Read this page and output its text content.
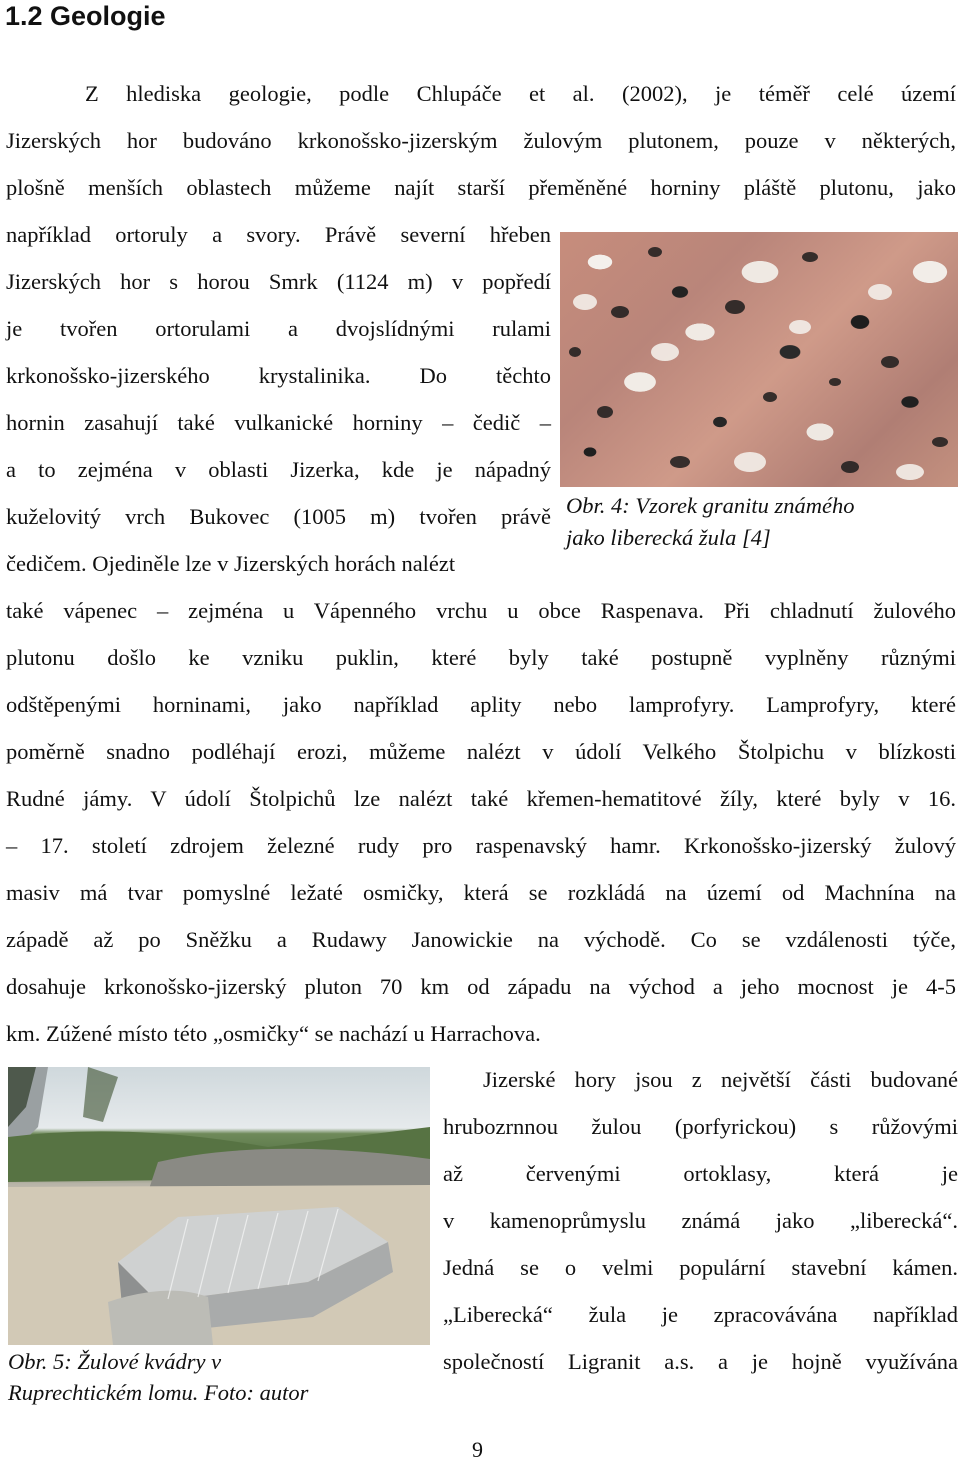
1.2 Geologie
Z hlediska geologie, podle Chlupáče et al. (2002), je téměř celé území
Jizerských hor budováno krkonošsko-jizerským žulovým plutonem, pouze v některých,
plošně menších oblastech můžeme najít starší přeměněné horniny pláště plutonu, jako
například ortoruly a svory. Právě severní hřeben
Jizerských hor s horou Smrk (1124 m) v popředí
je tvořen ortorulami a dvojslídnými rulami
krkonošsko-jizerského krystalinika. Do těchto
hornin zasahují také vulkanické horniny – čedič –
a to zejména v oblasti Jizerka, kde je nápadný
kuželovitý vrch Bukovec (1005 m) tvořen právě
čedičem. Ojediněle lze v Jizerských horách nalézt
také vápenec – zejména u Vápenného vrchu u obce Raspenava. Při chladnutí žulového
plutonu došlo ke vzniku puklin, které byly také postupně vyplněny různými
odštěpenými horninami, jako například aplity nebo lamprofyry. Lamprofyry, které
poměrně snadno podléhají erozi, můžeme nalézt v údolí Velkého Štolpichu v blízkosti
Rudné jámy. V údolí Štolpichů lze nalézt také křemen-hematitové žíly, které byly v 16.
– 17. století zdrojem železné rudy pro raspenavský hamr. Krkonošsko-jizerský žulový
masiv má tvar pomyslné ležaté osmičky, která se rozkládá na území od Machnína na
západě až po Sněžku a Rudawy Janowickie na východě. Co se vzdálenosti týče,
dosahuje krkonošsko-jizerský pluton 70 km od západu na východ a jeho mocnost je 4-5
km. Zúžené místo této „osmičky“ se nachází u Harrachova.
Jizerské hory jsou z největší části budované
hrubozrnnou žulou (porfyrickou) s růžovými
až červenými ortoklasy, která je
v kamenoprůmyslu známá jako „liberecká“.
Jedná se o velmi populární stavební kámen.
„Liberecká“ žula je zpracovávána například
společností Ligranit a.s. a je hojně využívána
Obr. 4: Vzorek granitu známého
jako liberecká žula [4]
Obr. 5: Žulové kvádry v
Ruprechtickém lomu. Foto: autor
9
